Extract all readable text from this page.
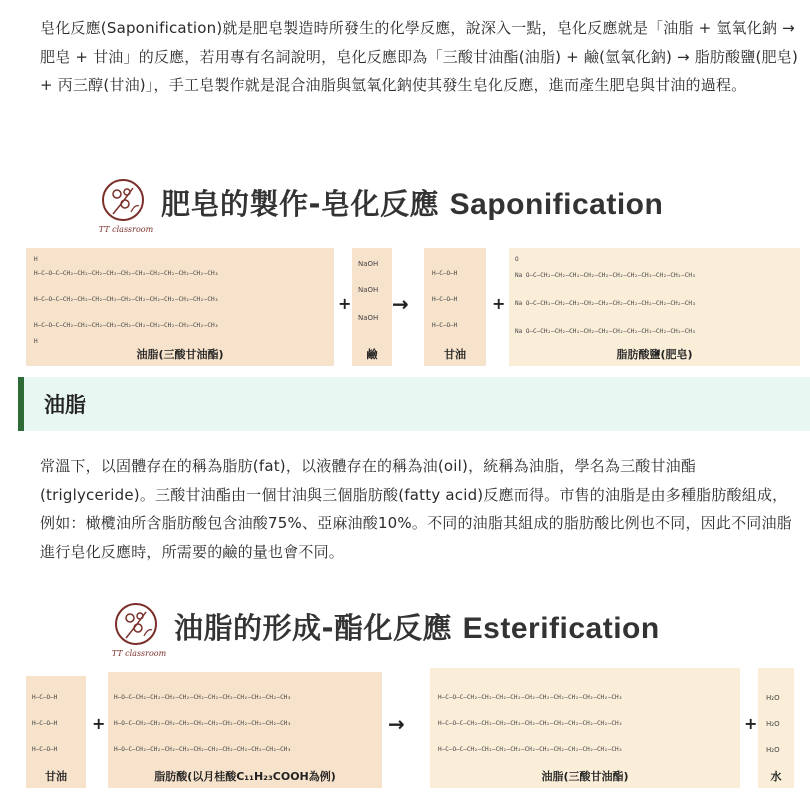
皂化反應(Saponification)就是肥皂製造時所發生的化學反應，說深入一點，皂化反應就是「油脂 + 氫氧化鈉 → 肥皂 + 甘油」的反應，若用專有名詞說明，皂化反應即為「三酸甘油酯(油脂) + 鹼(氫氧化鈉) → 脂肪酸鹽(肥皂) + 丙三醇(甘油)」，手工皂製作就是混合油脂與氫氧化鈉使其發生皂化反應，進而產生肥皂與甘油的過程。

TT classroom
肥皂的製作-皂化反應 Saponification
H
H—C—O—C—CH₂—CH₂—CH₂—CH₂—CH₂—CH₂—CH₂—CH₂—CH₂—CH₂—CH₃
H—C—O—C—CH₂—CH₂—CH₂—CH₂—CH₂—CH₂—CH₂—CH₂—CH₂—CH₂—CH₃
H—C—O—C—CH₂—CH₂—CH₂—CH₂—CH₂—CH₂—CH₂—CH₂—CH₂—CH₂—CH₃
H
油脂(三酸甘油酯)
+
NaOH
NaOH
NaOH
鹼
→
H—C—O—H
H—C—O—H
H—C—O—H
甘油
+
O
Na O—C—CH₂—CH₂—CH₂—CH₂—CH₂—CH₂—CH₂—CH₂—CH₂—CH₂—CH₃
Na O—C—CH₂—CH₂—CH₂—CH₂—CH₂—CH₂—CH₂—CH₂—CH₂—CH₂—CH₃
Na O—C—CH₂—CH₂—CH₂—CH₂—CH₂—CH₂—CH₂—CH₂—CH₂—CH₂—CH₃
脂肪酸鹽(肥皂)
油脂

常溫下，以固體存在的稱為脂肪(fat)，以液體存在的稱為油(oil)，統稱為油脂，學名為三酸甘油酯(triglyceride)。三酸甘油酯由一個甘油與三個脂肪酸(fatty acid)反應而得。市售的油脂是由多種脂肪酸組成，例如：橄欖油所含脂肪酸包含油酸75%、亞麻油酸10%。不同的油脂其組成的脂肪酸比例也不同，因此不同油脂進行皂化反應時，所需要的鹼的量也會不同。

TT classroom
油脂的形成-酯化反應 Esterification
H—C—O—H
H—C—O—H
H—C—O—H
甘油
+
H—O—C—CH₂—CH₂—CH₂—CH₂—CH₂—CH₂—CH₂—CH₂—CH₂—CH₂—CH₃
H—O—C—CH₂—CH₂—CH₂—CH₂—CH₂—CH₂—CH₂—CH₂—CH₂—CH₂—CH₃
H—O—C—CH₂—CH₂—CH₂—CH₂—CH₂—CH₂—CH₂—CH₂—CH₂—CH₂—CH₃
脂肪酸(以月桂酸C₁₁H₂₃COOH為例)
→
H—C—O—C—CH₂—CH₂—CH₂—CH₂—CH₂—CH₂—CH₂—CH₂—CH₂—CH₂—CH₃
H—C—O—C—CH₂—CH₂—CH₂—CH₂—CH₂—CH₂—CH₂—CH₂—CH₂—CH₂—CH₃
H—C—O—C—CH₂—CH₂—CH₂—CH₂—CH₂—CH₂—CH₂—CH₂—CH₂—CH₂—CH₃
油脂(三酸甘油酯)
+
H₂O
H₂O
H₂O
水
